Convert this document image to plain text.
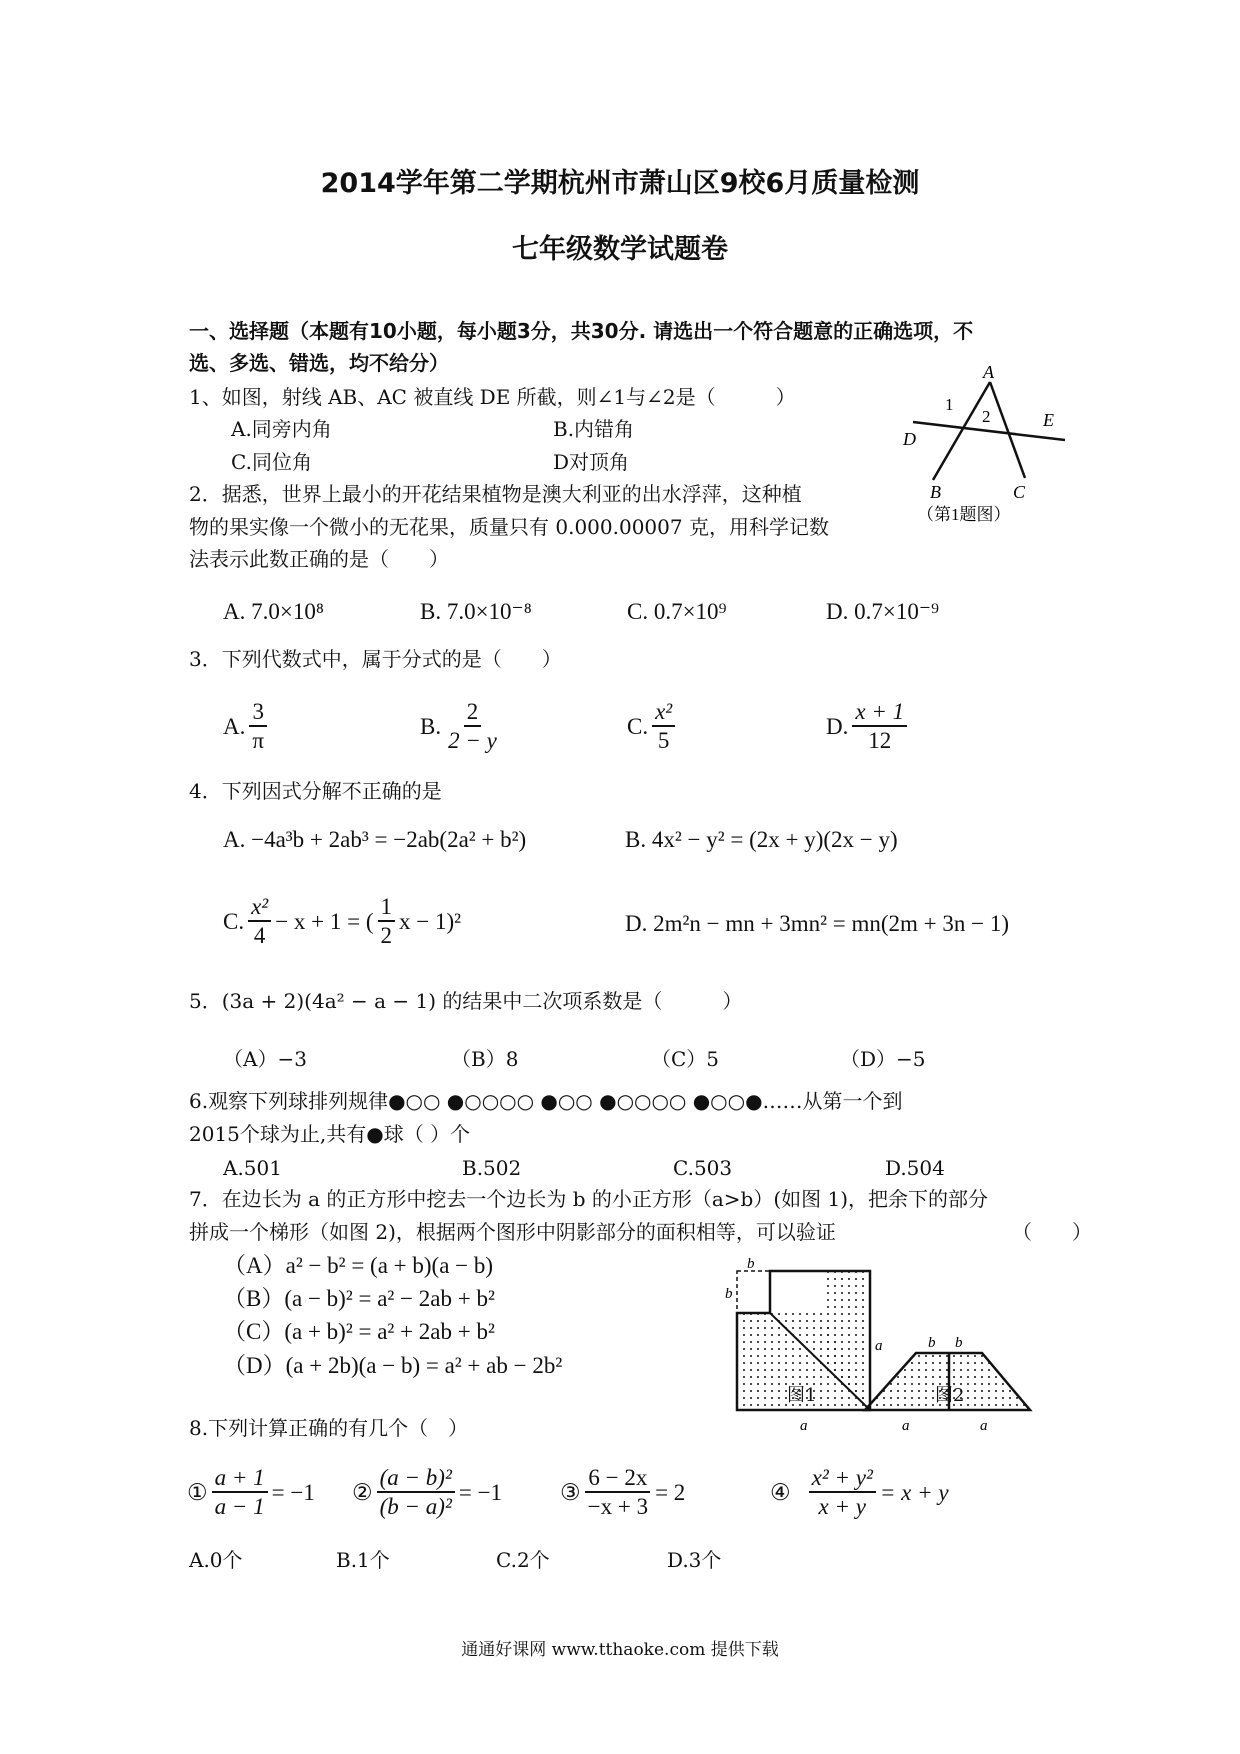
2014学年第二学期杭州市萧山区9校6月质量检测
七年级数学试题卷
一、选择题（本题有10小题，每小题3分，共30分. 请选出一个符合题意的正确选项，不
选、多选、错选，均不给分）
1、如图，射线 AB、AC 被直线 DE 所截，则∠1与∠2是（　　　）
A.同旁内角	B.内错角
C.同位角	D对顶角
A
B	C
D
E
1
2
（第1题图）
2．据悉，世界上最小的开花结果植物是澳大利亚的出水浮萍，这种植
物的果实像一个微小的无花果，质量只有 0.000.00007 克，用科学记数
法表示此数正确的是（　　）
A. 7.0×10⁸	B. 7.0×10⁻⁸	C. 0.7×10⁹	D. 0.7×10⁻⁹
3．下列代数式中，属于分式的是（　　）
A. $\frac{3}{\pi}$	B. $\frac{2}{2 - y}$	C. $\frac{\text{x²}}{5}$	D. $\frac{x + 1}{12}$
4．下列因式分解不正确的是
A. −4a³b + 2ab³ = −2ab(2a² + b²)	B. 4x² − y² = (2x + y)(2x − y)
C. $\frac{\text{x²}}{4} - x + 1$ = ( $\frac{1}{2}$ x − 1)²	D. 2m²n − mn + 3mn² = mn(2m + 3n − 1)
5．(3a + 2)(4a² − a − 1) 的结果中二次项系数是（　　　）
（A）−3	（B）8	（C）5	（D）−5
6.观察下列球排列规律●○○ ●○○○○ ●○○ ●○○○○ ●○○●……从第一个到
2015个球为止,共有●球（ ）个
A.501	B.502	C.503	D.504
7．在边长为 a 的正方形中挖去一个边长为 b 的小正方形（a>b）(如图 1)，把余下的部分
拼成一个梯形（如图 2)，根据两个图形中阴影部分的面积相等，可以验证	（　　）
（A）a² − b² = (a + b)(a − b)
（B）(a − b)² = a² − 2ab + b²
（C）(a + b)² = a² + 2ab + b²
（D）(a + 2b)(a − b) = a² + ab − 2b²
b
b
a
a
b b
a	a
图1	图2
8.下列计算正确的有几个（　）
① $\frac{a + 1}{a - 1} = -1$ ② $\frac{\text{(a − b)²}}{\text{(b − a)²}} = -1$	③ $\frac{6 - 2x}{-x + 3} = 2$	④ $\frac{\text{x² + y²}}{x + y} = x + y$
A.0个	B.1个	C.2个	D.3个
通通好课网 www.tthaoke.com 提供下载
